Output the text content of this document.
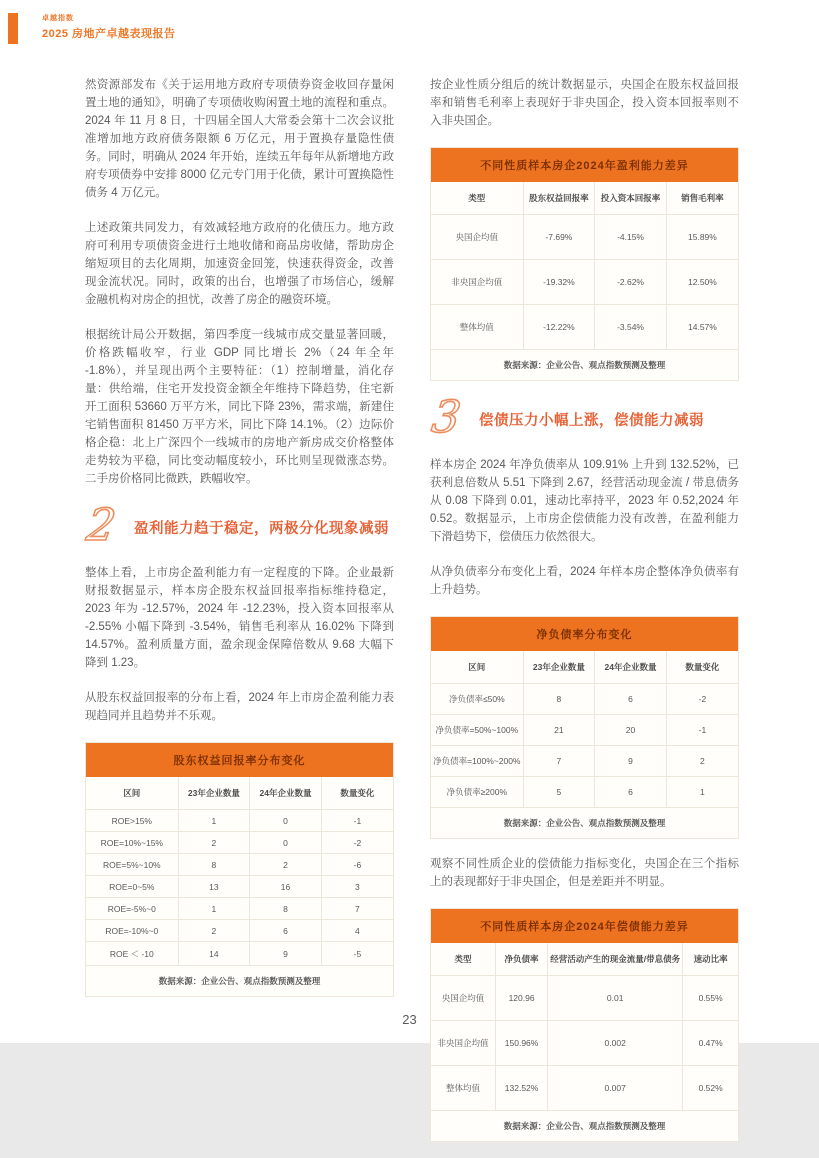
卓越指数
2025 房地产卓越表现报告

然资源部发布《关于运用地方政府专项债券资金收回存量闲置土地的通知》，明确了专项债收购闲置土地的流程和重点。2024 年 11 月 8 日，十四届全国人大常委会第十二次会议批准增加地方政府债务限额 6 万亿元，用于置换存量隐性债务。同时，明确从 2024 年开始，连续五年每年从新增地方政府专项债券中安排 8000 亿元专门用于化债，累计可置换隐性债务 4 万亿元。

上述政策共同发力，有效减轻地方政府的化债压力。地方政府可利用专项债资金进行土地收储和商品房收储，帮助房企缩短项目的去化周期，加速资金回笼，快速获得资金，改善现金流状况。同时，政策的出台，也增强了市场信心，缓解金融机构对房企的担忧，改善了房企的融资环境。

根据统计局公开数据，第四季度一线城市成交量显著回暖，价格跌幅收窄，行业 GDP 同比增长 2%（24 年全年 -1.8%），并呈现出两个主要特征：（1）控制增量，消化存量：供给端，住宅开发投资金额全年维持下降趋势，住宅新开工面积 53660 万平方米，同比下降 23%，需求端，新建住宅销售面积 81450 万平方米，同比下降 14.1%。（2）边际价格企稳：北上广深四个一线城市的房地产新房成交价格整体走势较为平稳，同比变动幅度较小，环比则呈现微涨态势。二手房价格同比微跌，跌幅收窄。

2 盈利能力趋于稳定，两极分化现象减弱

整体上看，上市房企盈利能力有一定程度的下降。企业最新财报数据显示，样本房企股东权益回报率指标维持稳定，2023 年为 -12.57%，2024 年 -12.23%，投入资本回报率从 -2.55% 小幅下降到 -3.54%，销售毛利率从 16.02% 下降到 14.57%。盈利质量方面，盈余现金保障倍数从 9.68 大幅下降到 1.23。

从股东权益回报率的分布上看，2024 年上市房企盈利能力表现趋同并且趋势并不乐观。

股东权益回报率分布变化
区间	23年企业数量	24年企业数量	数量变化
ROE>15%	1	0	-1
ROE=10%~15%	2	0	-2
ROE=5%~10%	8	2	-6
ROE=0~5%	13	16	3
ROE=-5%~0	1	8	7
ROE=-10%~0	2	6	4
ROE ＜ -10	14	9	-5
数据来源：企业公告、观点指数预测及整理

按企业性质分组后的统计数据显示，央国企在股东权益回报率和销售毛利率上表现好于非央国企，投入资本回报率则不入非央国企。

不同性质样本房企2024年盈利能力差异
类型	股东权益回报率	投入资本回报率	销售毛利率
央国企均值	-7.69%	-4.15%	15.89%
非央国企均值	-19.32%	-2.62%	12.50%
整体均值	-12.22%	-3.54%	14.57%
数据来源：企业公告、观点指数预测及整理
3 偿债压力小幅上涨，偿债能力减弱

样本房企 2024 年净负债率从 109.91% 上升到 132.52%，已获利息倍数从 5.51 下降到 2.67，经营活动现金流 / 带息债务从 0.08 下降到 0.01，速动比率持平，2023 年 0.52,2024 年 0.52。数据显示，上市房企偿债能力没有改善，在盈利能力下滑趋势下，偿债压力依然很大。

从净负债率分布变化上看，2024 年样本房企整体净负债率有上升趋势。

净负债率分布变化
区间	23年企业数量	24年企业数量	数量变化
净负债率≤50%	8	6	-2
净负债率=50%~100%	21	20	-1
净负债率=100%~200%	7	9	2
净负债率≥200%	5	6	1
数据来源：企业公告、观点指数预测及整理

观察不同性质企业的偿债能力指标变化，央国企在三个指标上的表现都好于非央国企，但是差距并不明显。

不同性质样本房企2024年偿债能力差异
类型	净负债率	经营活动产生的现金流量/带息债务	速动比率
央国企均值	120.96	0.01	0.55%
非央国企均值	150.96%	0.002	0.47%
整体均值	132.52%	0.007	0.52%
数据来源：企业公告、观点指数预测及整理
23
